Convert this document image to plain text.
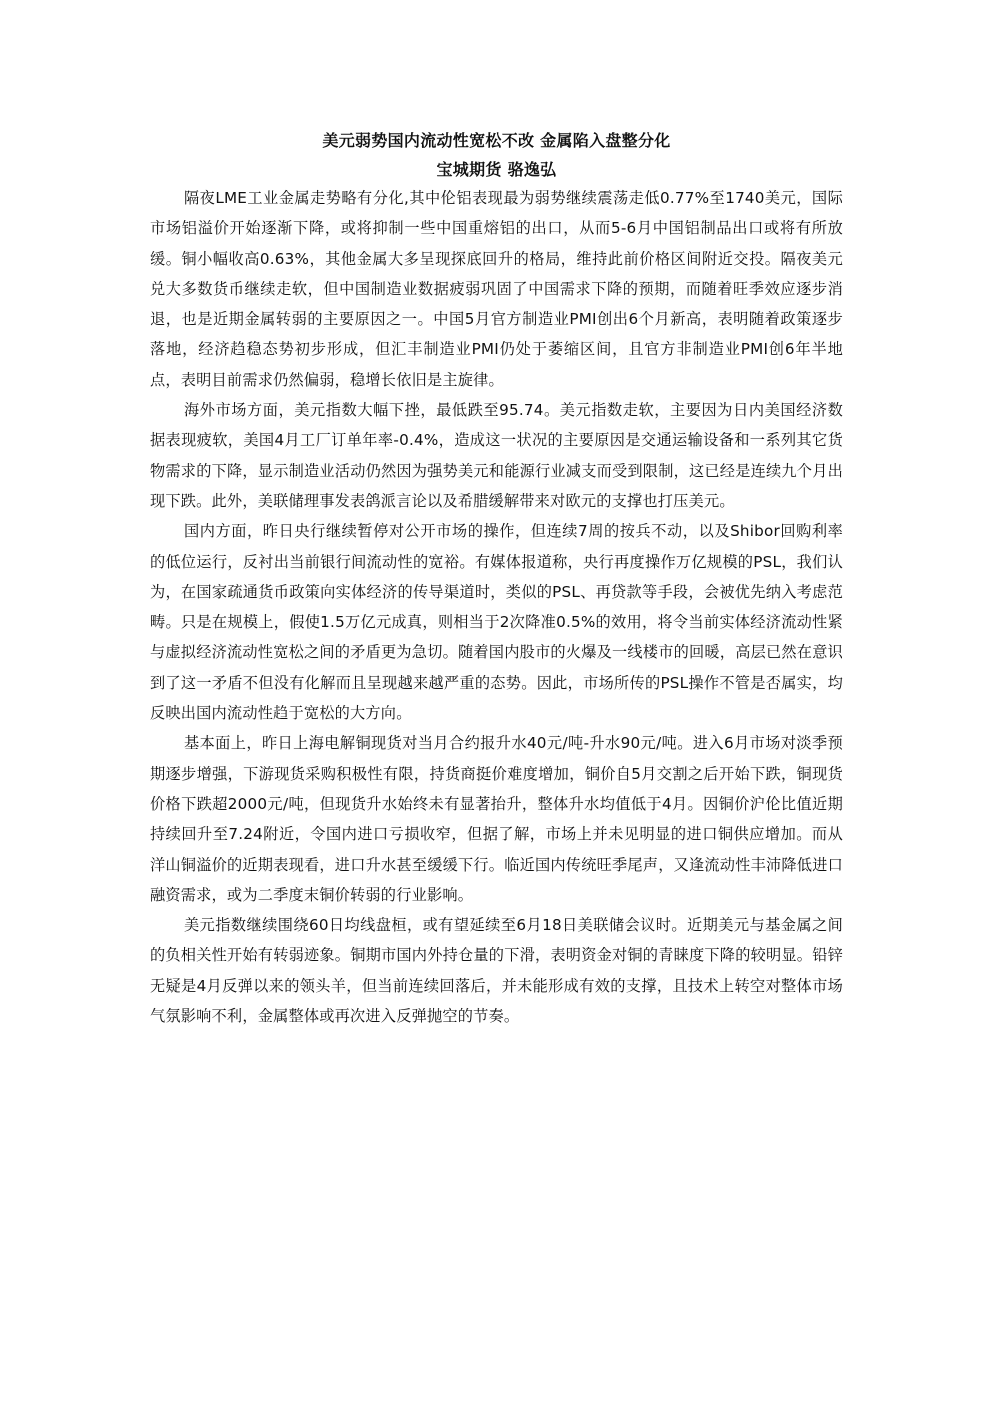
美元弱势国内流动性宽松不改 金属陷入盘整分化

宝城期货 骆逸弘

隔夜LME工业金属走势略有分化,其中伦铝表现最为弱势继续震荡走低0.77%至1740美元，国际市场铝溢价开始逐渐下降，或将抑制一些中国重熔铝的出口，从而5-6月中国铝制品出口或将有所放缓。铜小幅收高0.63%，其他金属大多呈现探底回升的格局，维持此前价格区间附近交投。隔夜美元兑大多数货币继续走软，但中国制造业数据疲弱巩固了中国需求下降的预期，而随着旺季效应逐步消退，也是近期金属转弱的主要原因之一。中国5月官方制造业PMI创出6个月新高，表明随着政策逐步落地，经济趋稳态势初步形成，但汇丰制造业PMI仍处于萎缩区间，且官方非制造业PMI创6年半地点，表明目前需求仍然偏弱，稳增长依旧是主旋律。

海外市场方面，美元指数大幅下挫，最低跌至95.74。美元指数走软，主要因为日内美国经济数据表现疲软，美国4月工厂订单年率-0.4%，造成这一状况的主要原因是交通运输设备和一系列其它货物需求的下降，显示制造业活动仍然因为强势美元和能源行业减支而受到限制，这已经是连续九个月出现下跌。此外，美联储理事发表鸽派言论以及希腊缓解带来对欧元的支撑也打压美元。

国内方面，昨日央行继续暂停对公开市场的操作，但连续7周的按兵不动，以及Shibor回购利率的低位运行，反衬出当前银行间流动性的宽裕。有媒体报道称，央行再度操作万亿规模的PSL，我们认为，在国家疏通货币政策向实体经济的传导渠道时，类似的PSL、再贷款等手段，会被优先纳入考虑范畴。只是在规模上，假使1.5万亿元成真，则相当于2次降准0.5%的效用，将令当前实体经济流动性紧与虚拟经济流动性宽松之间的矛盾更为急切。随着国内股市的火爆及一线楼市的回暖，高层已然在意识到了这一矛盾不但没有化解而且呈现越来越严重的态势。因此，市场所传的PSL操作不管是否属实，均反映出国内流动性趋于宽松的大方向。

基本面上，昨日上海电解铜现货对当月合约报升水40元/吨-升水90元/吨。进入6月市场对淡季预期逐步增强，下游现货采购积极性有限，持货商挺价难度增加，铜价自5月交割之后开始下跌，铜现货价格下跌超2000元/吨，但现货升水始终未有显著抬升，整体升水均值低于4月。因铜价沪伦比值近期持续回升至7.24附近，令国内进口亏损收窄，但据了解，市场上并未见明显的进口铜供应增加。而从洋山铜溢价的近期表现看，进口升水甚至缓缓下行。临近国内传统旺季尾声，又逢流动性丰沛降低进口融资需求，或为二季度末铜价转弱的行业影响。

美元指数继续围绕60日均线盘桓，或有望延续至6月18日美联储会议时。近期美元与基金属之间的负相关性开始有转弱迹象。铜期市国内外持仓量的下滑，表明资金对铜的青睐度下降的较明显。铅锌无疑是4月反弹以来的领头羊，但当前连续回落后，并未能形成有效的支撑，且技术上转空对整体市场气氛影响不利，金属整体或再次进入反弹抛空的节奏。
